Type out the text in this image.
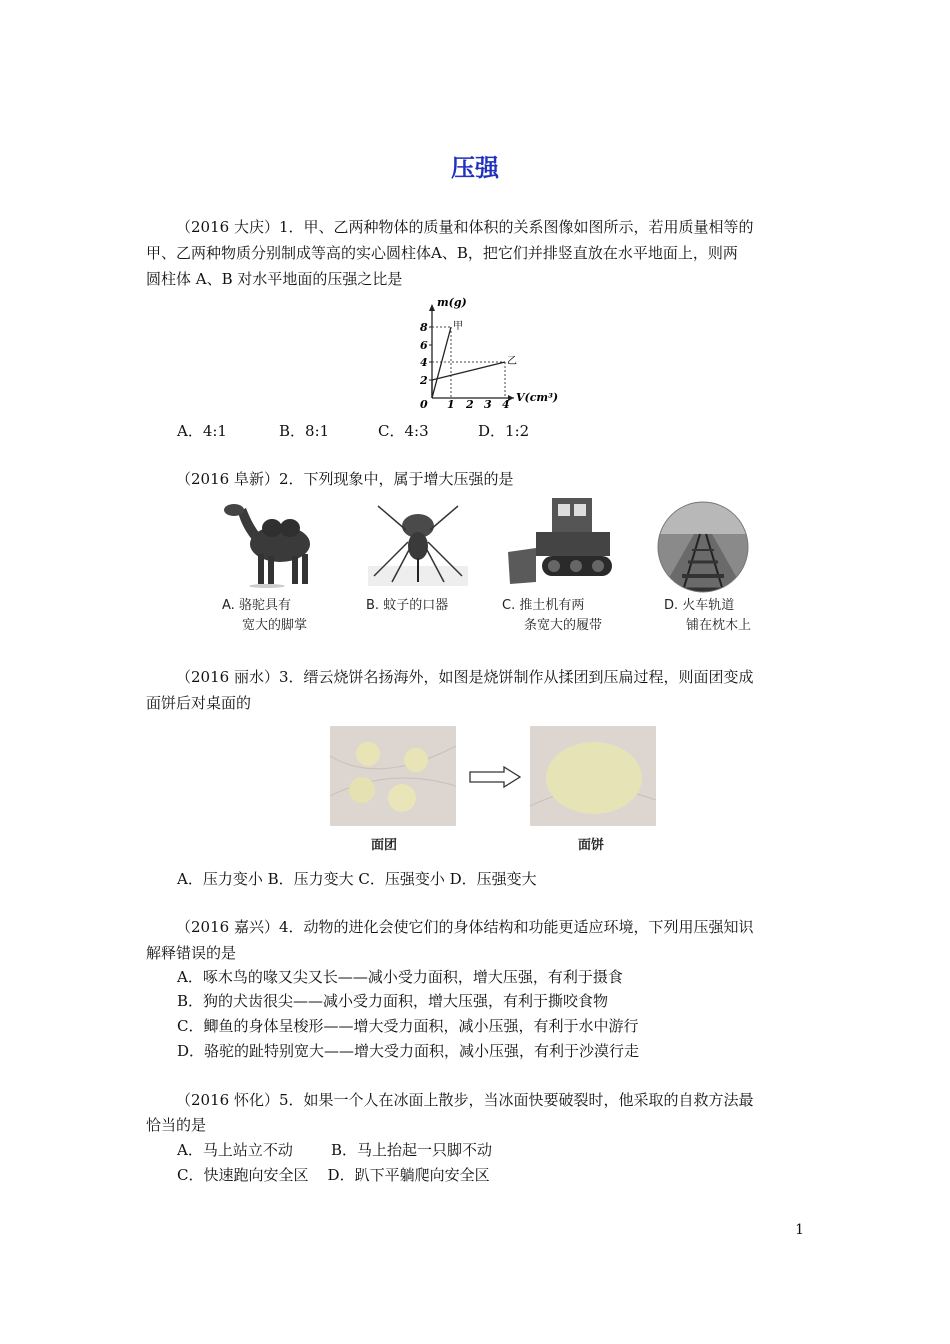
压强
（2016 大庆）1．甲、乙两种物体的质量和体积的关系图像如图所示，若用质量相等的
甲、乙两种物质分别制成等高的实心圆柱体A、B，把它们并排竖直放在水平地面上，则两
圆柱体 A、B 对水平地面的压强之比是
m(g)
V(cm³)
0
2
4
6
8
1 2 3 4
甲
乙
A．4:1	B．8:1	C．4:3	D．1:2
（2016 阜新）2．下列现象中，属于增大压强的是
A. 骆驼具有
宽大的脚掌
B. 蚊子的口器	C. 推土机有两
条宽大的履带
D. 火车轨道
铺在枕木上
（2016 丽水）3．缙云烧饼名扬海外，如图是烧饼制作从揉团到压扁过程，则面团变成
面饼后对桌面的
面团	面饼
A．压力变小 B．压力变大 C．压强变小 D．压强变大
（2016 嘉兴）4．动物的进化会使它们的身体结构和功能更适应环境，下列用压强知识
解释错误的是
A．啄木鸟的喙又尖又长——减小受力面积，增大压强，有利于摄食
B．狗的犬齿很尖——减小受力面积，增大压强，有利于撕咬食物
C．鲫鱼的身体呈梭形——增大受力面积，减小压强，有利于水中游行
D．骆驼的趾特别宽大——增大受力面积，减小压强，有利于沙漠行走
（2016 怀化）5．如果一个人在冰面上散步，当冰面快要破裂时，他采取的自救方法最
恰当的是
A．马上站立不动        B．马上抬起一只脚不动
C．快速跑向安全区    D．趴下平躺爬向安全区
1
